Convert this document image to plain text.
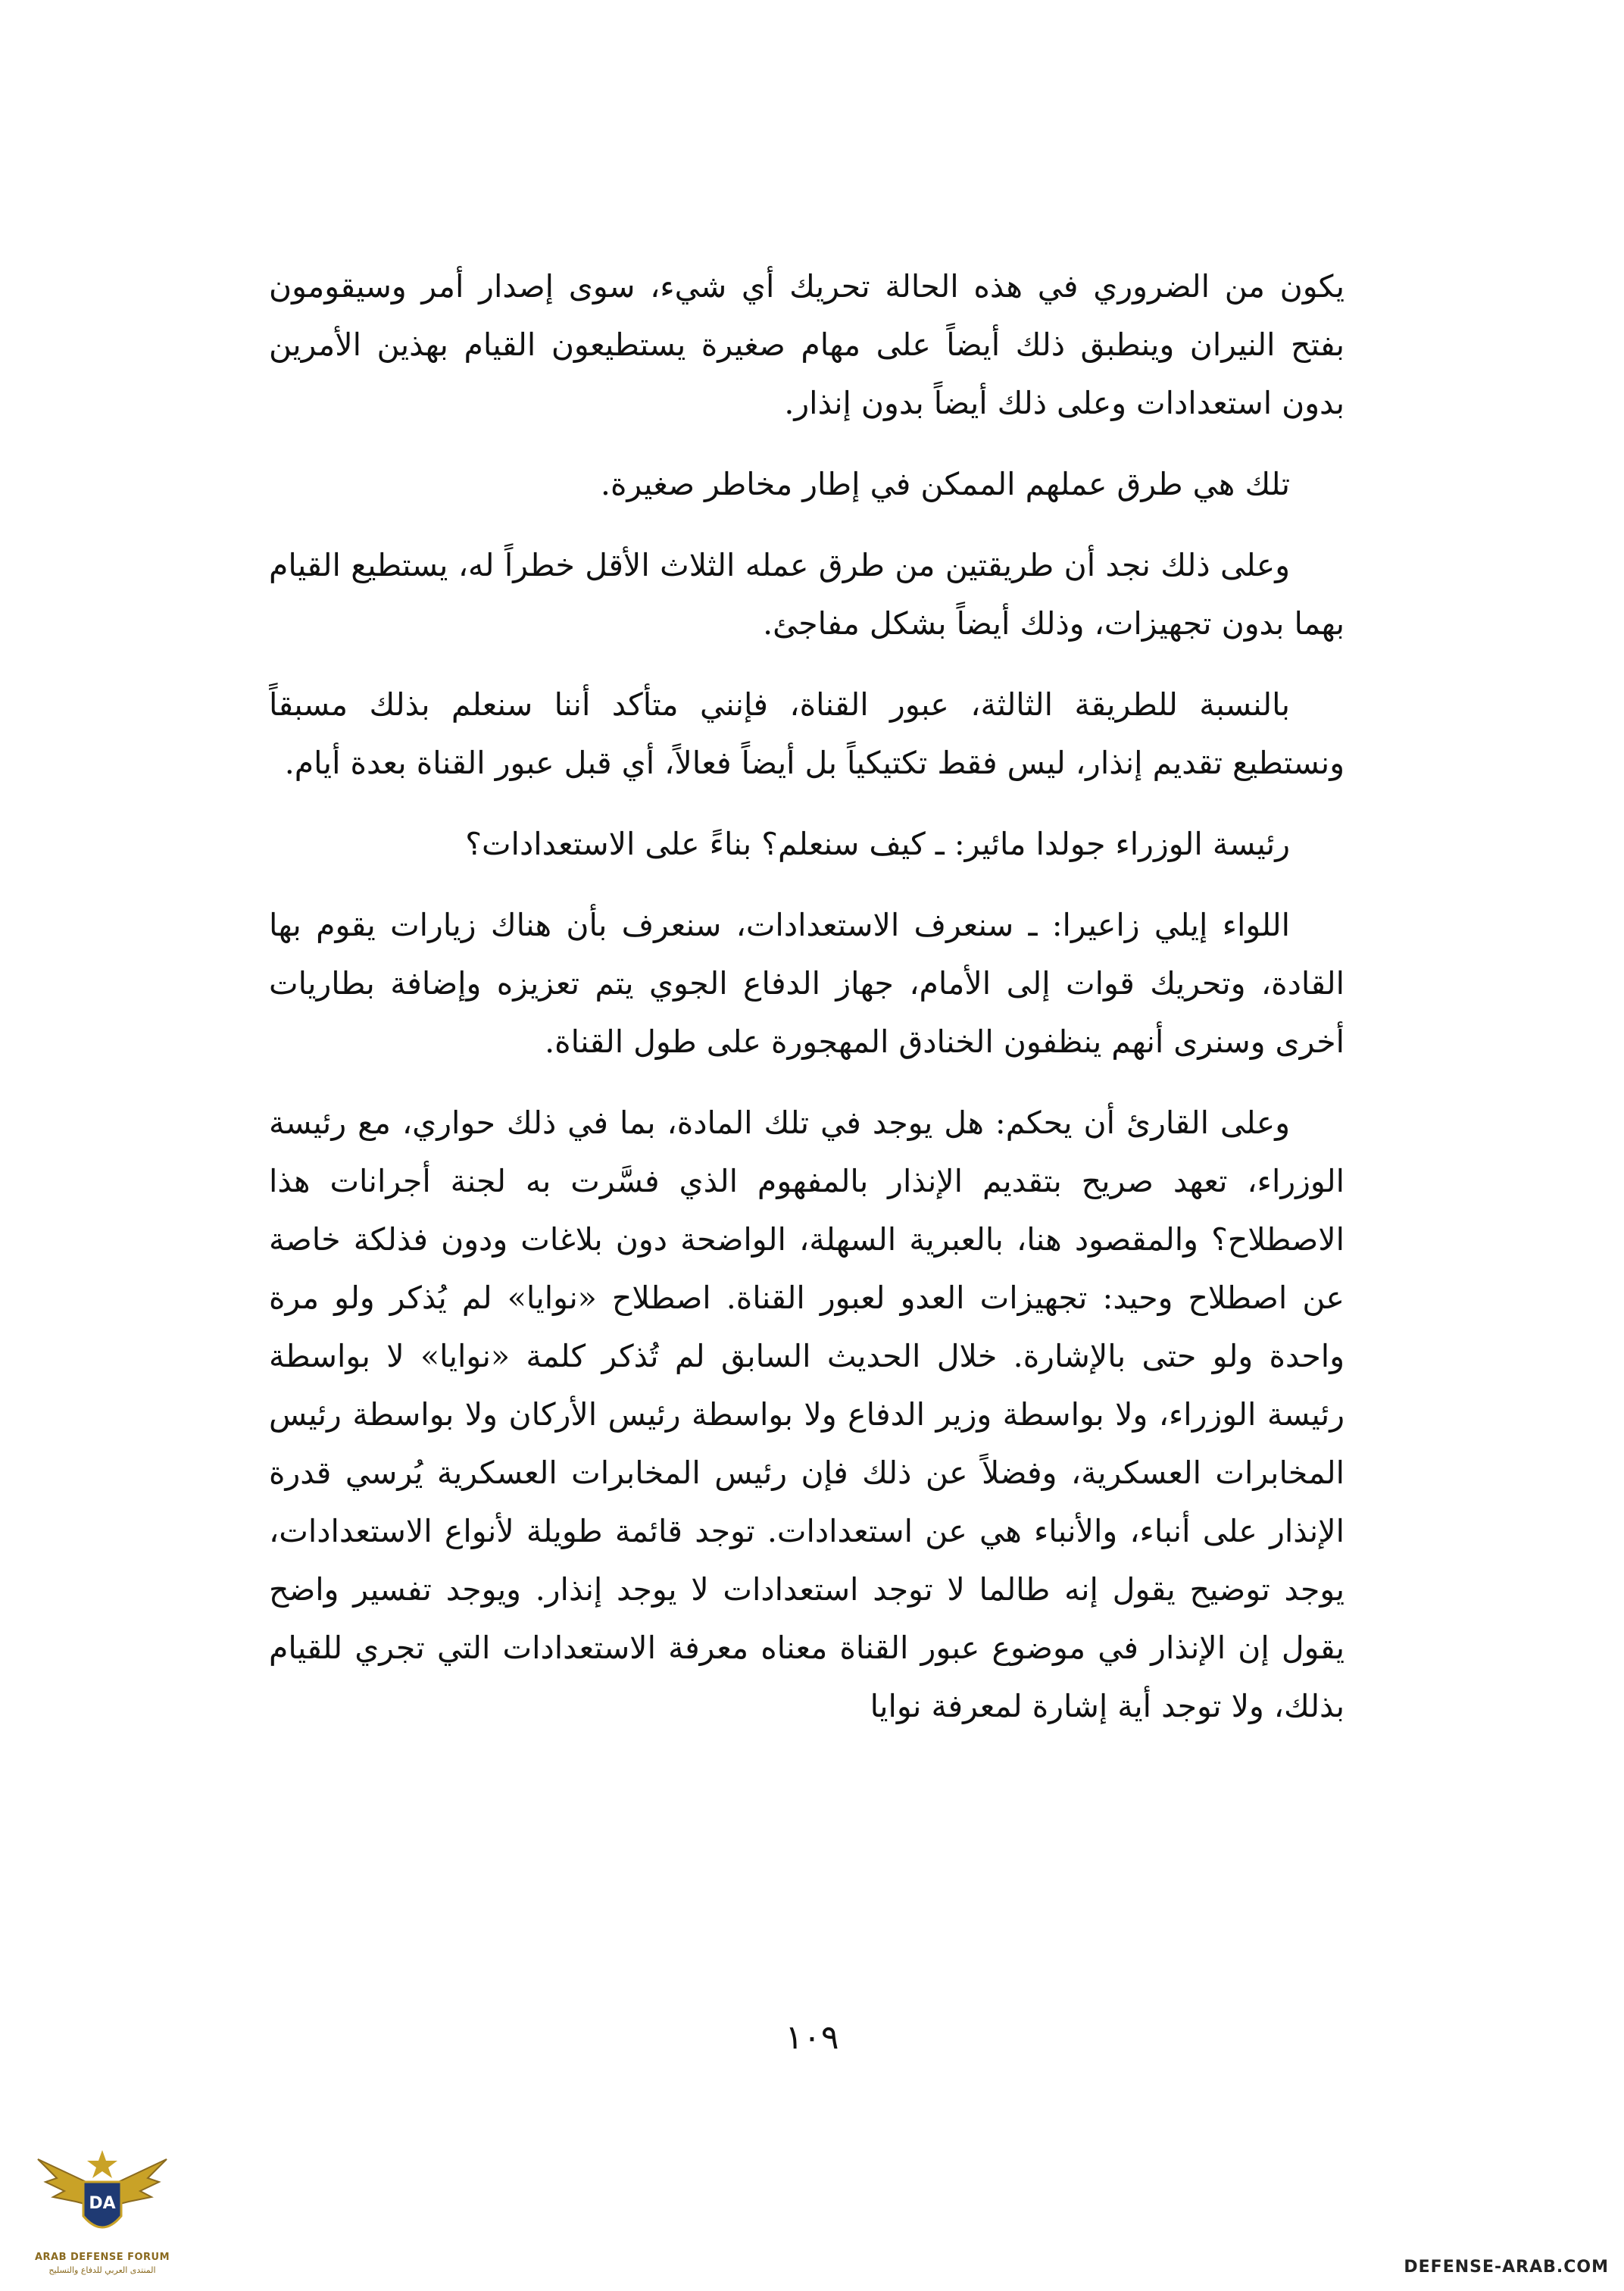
يكون من الضروري في هذه الحالة تحريك أي شيء، سوى إصدار أمر وسيقومون بفتح النيران وينطبق ذلك أيضاً على مهام صغيرة يستطيعون القيام بهذين الأمرين بدون استعدادات وعلى ذلك أيضاً بدون إنذار.

تلك هي طرق عملهم الممكن في إطار مخاطر صغيرة.

وعلى ذلك نجد أن طريقتين من طرق عمله الثلاث الأقل خطراً له، يستطيع القيام بهما بدون تجهيزات، وذلك أيضاً بشكل مفاجئ.

بالنسبة للطريقة الثالثة، عبور القناة، فإنني متأكد أننا سنعلم بذلك مسبقاً ونستطيع تقديم إنذار، ليس فقط تكتيكياً بل أيضاً فعالاً، أي قبل عبور القناة بعدة أيام.

رئيسة الوزراء جولدا مائير: ـ كيف سنعلم؟ بناءً على الاستعدادات؟

اللواء إيلي زاعيرا: ـ سنعرف الاستعدادات، سنعرف بأن هناك زيارات يقوم بها القادة، وتحريك قوات إلى الأمام، جهاز الدفاع الجوي يتم تعزيزه وإضافة بطاريات أخرى وسنرى أنهم ينظفون الخنادق المهجورة على طول القناة.

وعلى القارئ أن يحكم: هل يوجد في تلك المادة، بما في ذلك حواري، مع رئيسة الوزراء، تعهد صريح بتقديم الإنذار بالمفهوم الذي فسَّرت به لجنة أجرانات هذا الاصطلاح؟ والمقصود هنا، بالعبرية السهلة، الواضحة دون بلاغات ودون فذلكة خاصة عن اصطلاح وحيد: تجهيزات العدو لعبور القناة. اصطلاح «نوايا» لم يُذكر ولو مرة واحدة ولو حتى بالإشارة. خلال الحديث السابق لم تُذكر كلمة «نوايا» لا بواسطة رئيسة الوزراء، ولا بواسطة وزير الدفاع ولا بواسطة رئيس الأركان ولا بواسطة رئيس المخابرات العسكرية، وفضلاً عن ذلك فإن رئيس المخابرات العسكرية يُرسي قدرة الإنذار على أنباء، والأنباء هي عن استعدادات. توجد قائمة طويلة لأنواع الاستعدادات، يوجد توضيح يقول إنه طالما لا توجد استعدادات لا يوجد إنذار. ويوجد تفسير واضح يقول إن الإنذار في موضوع عبور القناة معناه معرفة الاستعدادات التي تجري للقيام بذلك، ولا توجد أية إشارة لمعرفة نوايا

١٠٩
DA
ARAB DEFENSE FORUM
المنتدى العربي للدفاع والتسليح	DEFENSE-ARAB.COM
